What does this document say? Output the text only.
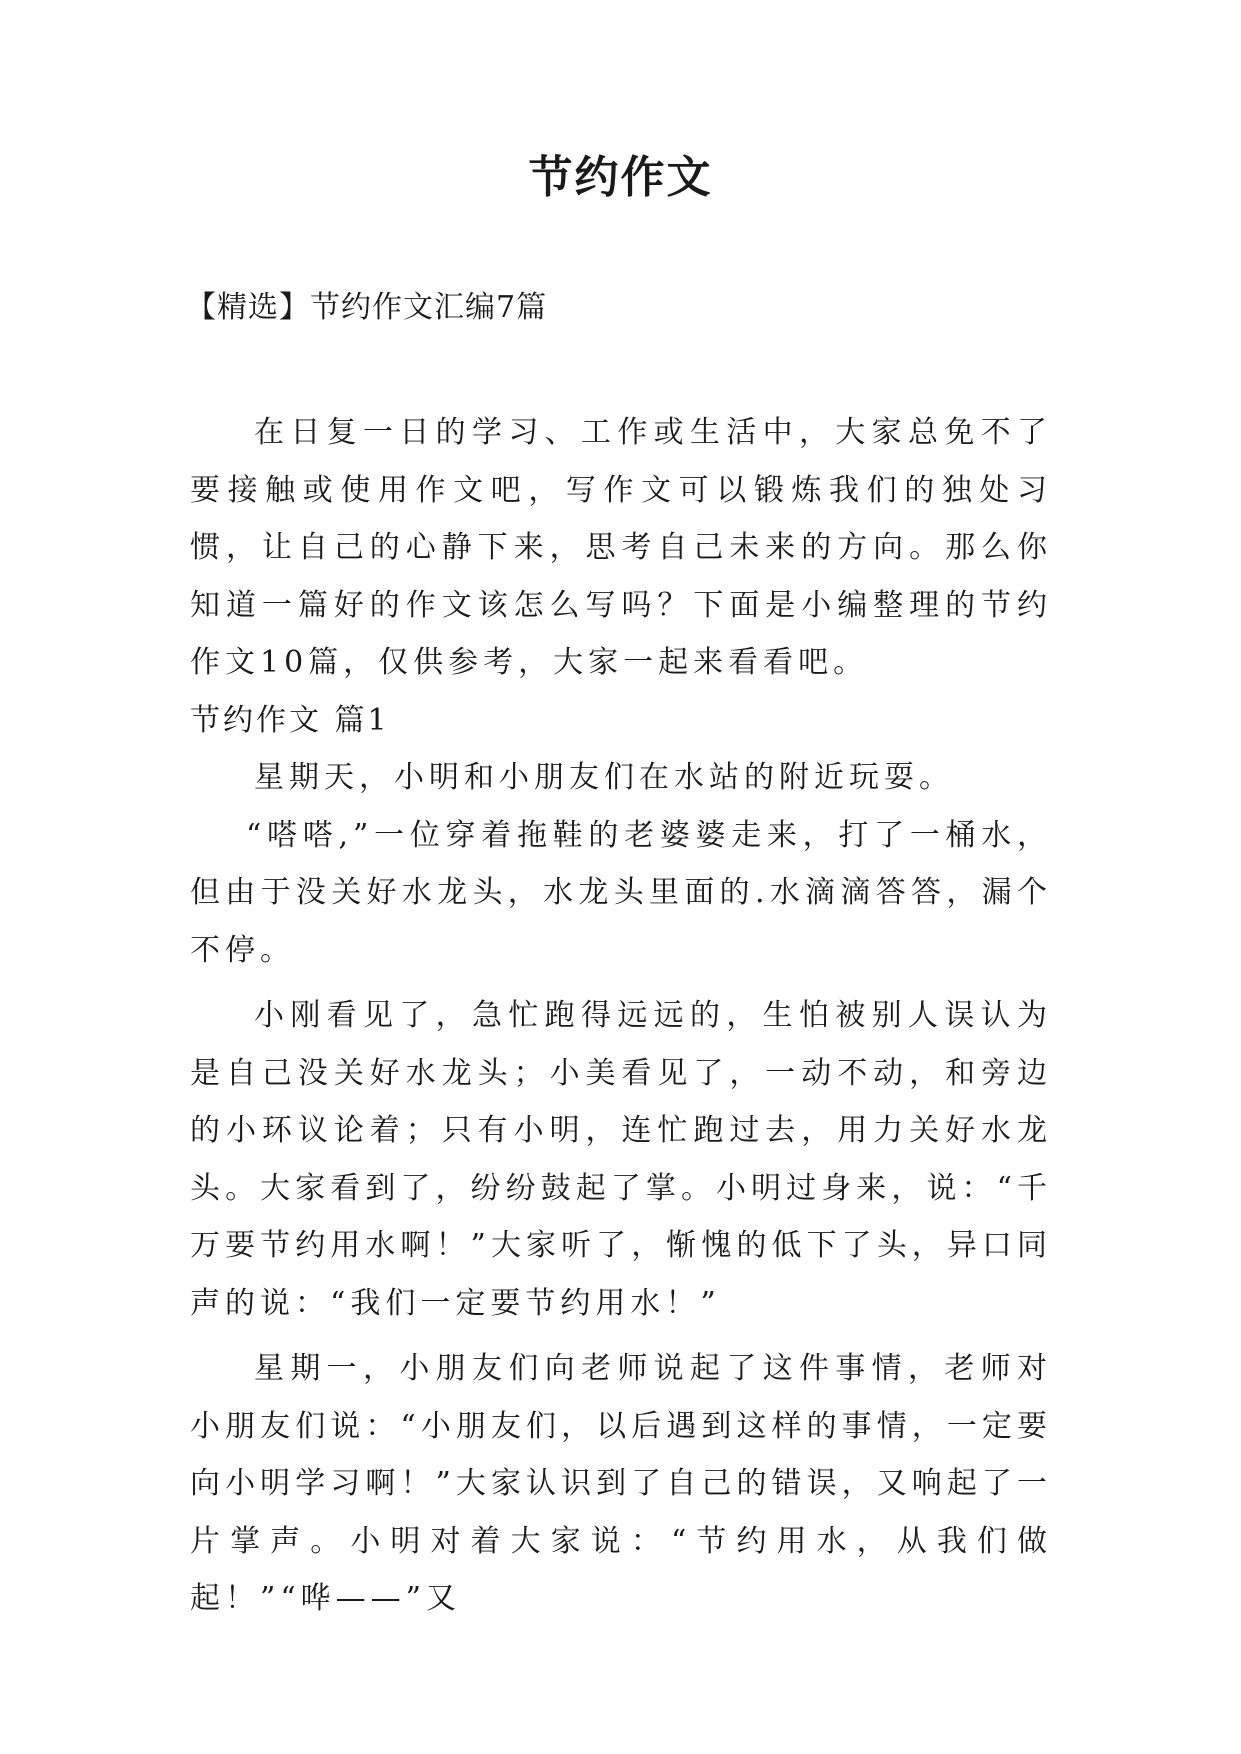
节约作文

【精选】节约作文汇编7篇

在日复一日的学习、工作或生活中，大家总免不了要接触或使用作文吧，写作文可以锻炼我们的独处习惯，让自己的心静下来，思考自己未来的方向。那么你知道一篇好的作文该怎么写吗？下面是小编整理的节约作文10篇，仅供参考，大家一起来看看吧。

节约作文 篇1

星期天，小明和小朋友们在水站的附近玩耍。

“嗒嗒,”一位穿着拖鞋的老婆婆走来，打了一桶水，但由于没关好水龙头，水龙头里面的.水滴滴答答，漏个不停。

小刚看见了，急忙跑得远远的，生怕被别人误认为是自己没关好水龙头；小美看见了，一动不动，和旁边的小环议论着；只有小明，连忙跑过去，用力关好水龙头。大家看到了，纷纷鼓起了掌。小明过身来，说：“千万要节约用水啊！”大家听了，惭愧的低下了头，异口同声的说：“我们一定要节约用水！”

星期一，小朋友们向老师说起了这件事情，老师对小朋友们说：“小朋友们，以后遇到这样的事情，一定要向小明学习啊！”大家认识到了自己的错误，又响起了一片掌声。小明对着大家说：“节约用水，从我们做起！”“哗——”又
